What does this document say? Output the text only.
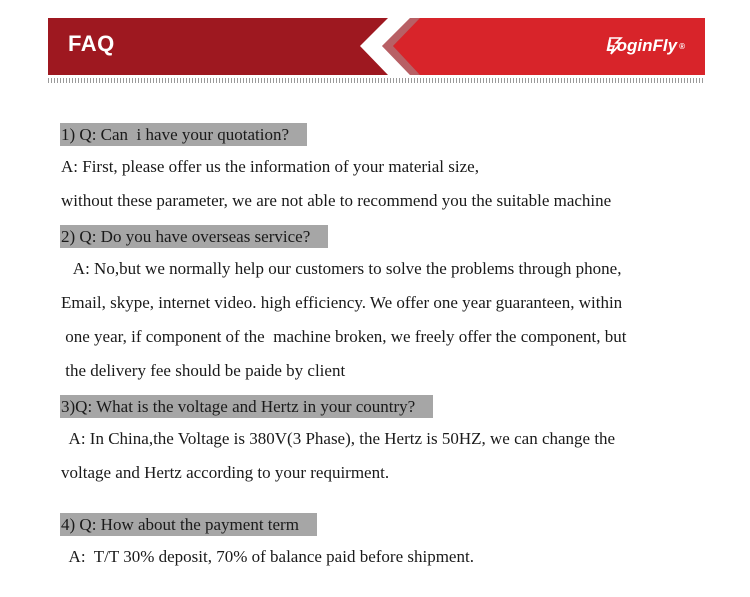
FAQ	LoginFly ®
1) Q: Can  i have your quotation?
A: First, please offer us the information of your material size,
without these parameter, we are not able to recommend you the suitable machine
2) Q: Do you have overseas service?
A: No,but we normally help our customers to solve the problems through phone,
Email, skype, internet video. high efficiency. We offer one year guaranteen, within
one year, if component of the  machine broken, we freely offer the component, but
the delivery fee should be paide by client
3)Q: What is the voltage and Hertz in your country?
A: In China,the Voltage is 380V(3 Phase), the Hertz is 50HZ, we can change the
voltage and Hertz according to your requirment.
4) Q: How about the payment term
A:  T/T 30% deposit, 70% of balance paid before shipment.
